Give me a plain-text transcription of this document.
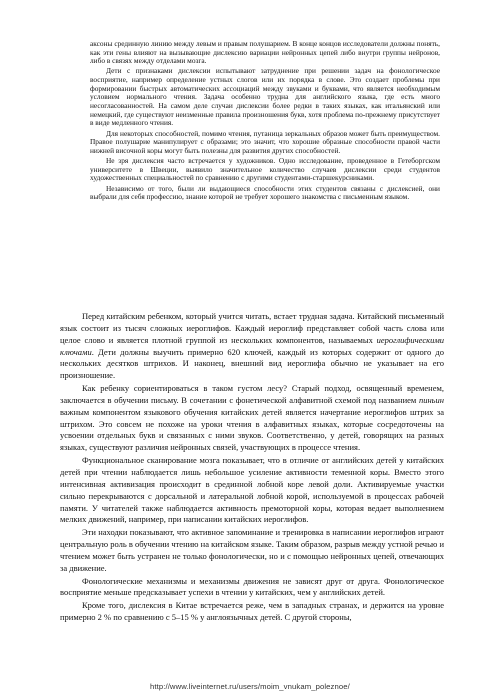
аксоны срединную линию между левым и правым полушарием. В конце концов исследователи должны понять, как эти гены влияют на вызывающие дислексию вариации нейронных цепей либо внутри группы нейронов, либо в связях между отделами мозга.

Дети с признаками дислексии испытывают затруднение при решении задач на фонологическое восприятие, например определение устных слогов или их порядка в слове. Это создает проблемы при формировании быстрых автоматических ассоциаций между звуками и буквами, что является необходимым условием нормального чтения. Задача особенно трудна для английского языка, где есть много несогласованностей. На самом деле случаи дислексии более редки в таких языках, как итальянский или немецкий, где существуют неизменные правила произношения букв, хотя проблема по-прежнему присутствует в виде медленного чтения.

Для некоторых способностей, помимо чтения, путаница зеркальных образов может быть преимуществом. Правое полушарие манипулирует с образами; это значит, что хорошие образные способности правой части нижней височной коры могут быть полезны для развития других способностей.

Не зря дислексия часто встречается у художников. Одно исследование, проведенное в Гетеборгском университете в Швеции, выявило значительное количество случаев дислексии среди студентов художественных специальностей по сравнению с другими студентами-старшекурсниками.

Независимо от того, были ли выдающиеся способности этих студентов связаны с дислексией, они выбрали для себя профессию, знание которой не требует хорошего знакомства с письменным языком.

Перед китайским ребенком, который учится читать, встает трудная задача. Китайский письменный язык состоит из тысяч сложных иероглифов. Каждый иероглиф представляет собой часть слова или целое слово и является плотной группой из нескольких компонентов, называемых иероглифическими ключами. Дети должны выучить примерно 620 ключей, каждый из которых содержит от одного до нескольких десятков штрихов. И наконец, внешний вид иероглифа обычно не указывает на его произношение.

Как ребенку сориентироваться в таком густом лесу? Старый подход, освященный временем, заключается в обучении письму. В сочетании с фонетической алфавитной схемой под названием пиньин важным компонентом языкового обучения китайских детей является начертание иероглифов штрих за штрихом. Это совсем не похоже на уроки чтения в алфавитных языках, которые сосредоточены на усвоении отдельных букв и связанных с ними звуков. Соответственно, у детей, говорящих на разных языках, существуют различия нейронных связей, участвующих в процессе чтения.

Функциональное сканирование мозга показывает, что в отличие от английских детей у китайских детей при чтении наблюдается лишь небольшое усиление активности теменной коры. Вместо этого интенсивная активизация происходит в срединной лобной коре левой доли. Активируемые участки сильно перекрываются с дорсальной и латеральной лобной корой, используемой в процессах рабочей памяти. У читателей также наблюдается активность премоторной коры, которая ведает выполнением мелких движений, например, при написании китайских иероглифов.

Эти находки показывают, что активное запоминание и тренировка в написании иероглифов играют центральную роль в обучении чтению на китайском языке. Таким образом, разрыв между устной речью и чтением может быть устранен не только фонологически, но и с помощью нейронных цепей, отвечающих за движение.

Фонологические механизмы и механизмы движения не зависят друг от друга. Фонологическое восприятие меньше предсказывает успехи в чтении у китайских, чем у английских детей.

Кроме того, дислексия в Китае встречается реже, чем в западных странах, и держится на уровне примерно 2 % по сравнению с 5–15 % у англоязычных детей. С другой стороны,

http://www.liveinternet.ru/users/moim_vnukam_poleznoe/
